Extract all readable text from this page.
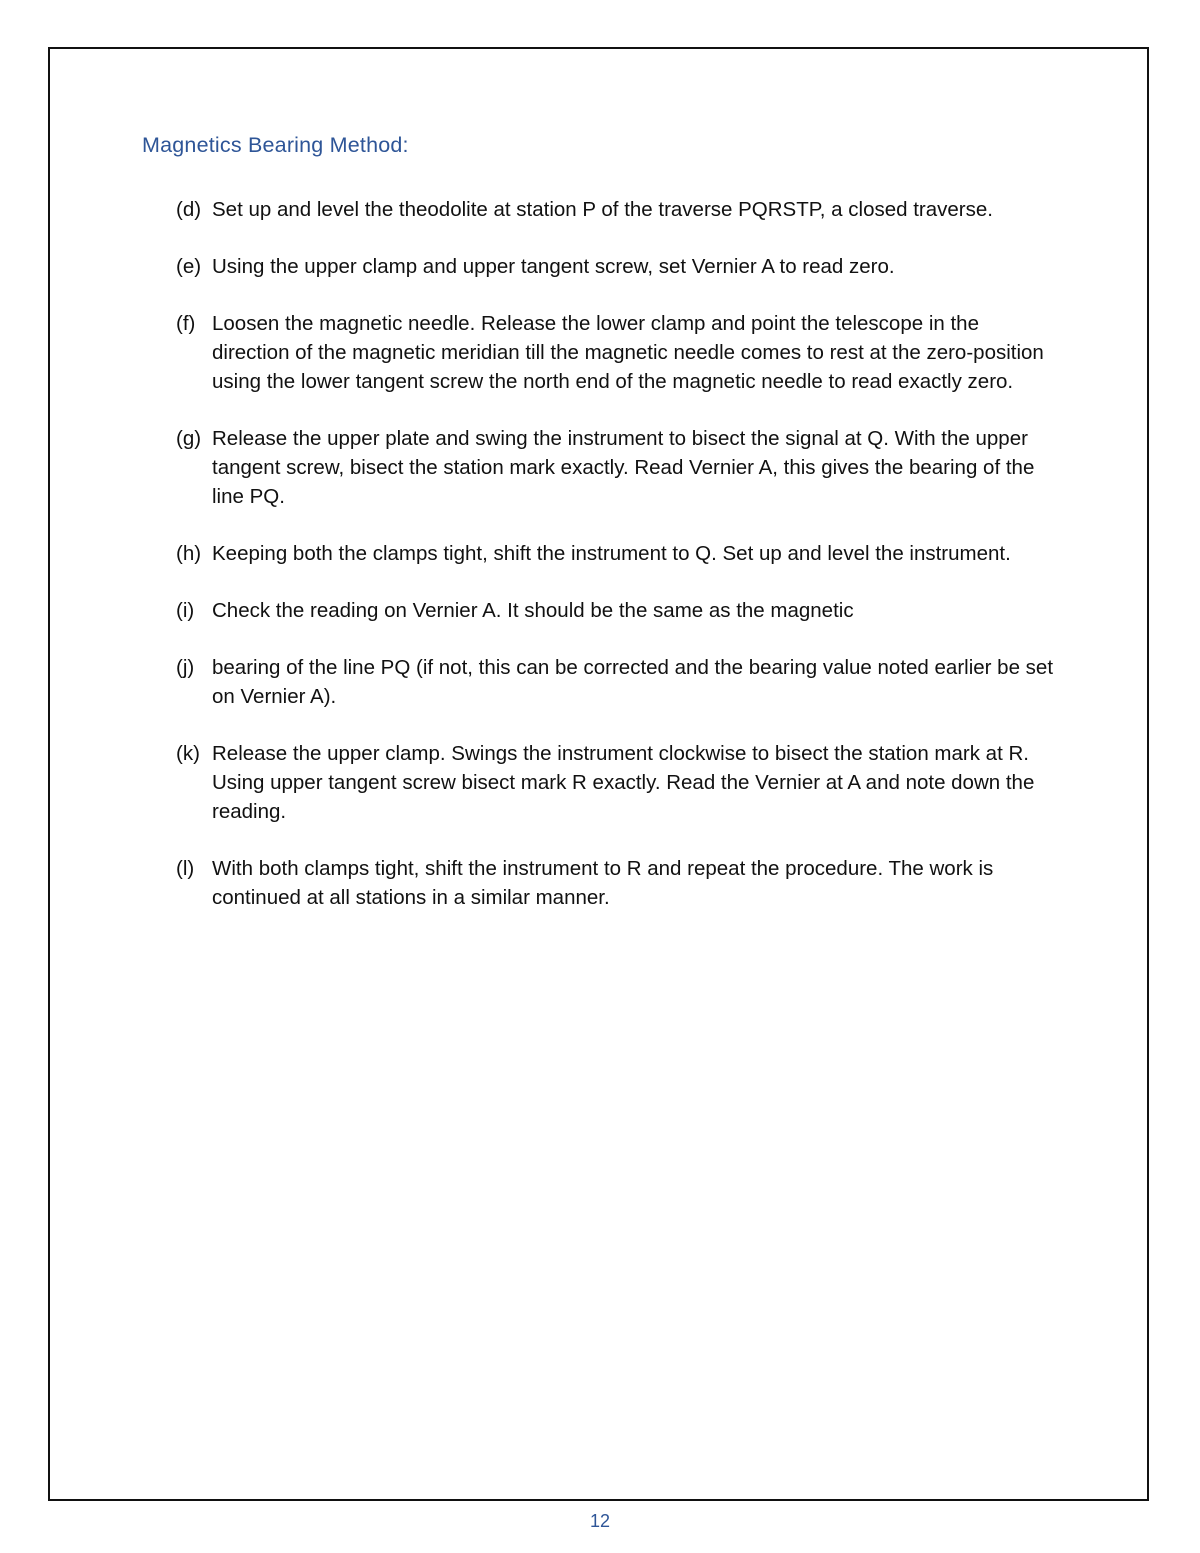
Magnetics Bearing Method:
(d) Set up and level the theodolite at station P of the traverse PQRSTP, a closed traverse.
(e) Using the upper clamp and upper tangent screw, set Vernier A to read zero.
(f) Loosen the magnetic needle. Release the lower clamp and point the telescope in the direction of the magnetic meridian till the magnetic needle comes to rest at the zero-position using the lower tangent screw the north end of the magnetic needle to read exactly zero.
(g) Release the upper plate and swing the instrument to bisect the signal at Q. With the upper tangent screw, bisect the station mark exactly. Read Vernier A, this gives the bearing of the line PQ.
(h) Keeping both the clamps tight, shift the instrument to Q. Set up and level the instrument.
(i) Check the reading on Vernier A. It should be the same as the magnetic
(j) bearing of the line PQ (if not, this can be corrected and the bearing value noted earlier be set on Vernier A).
(k) Release the upper clamp. Swings the instrument clockwise to bisect the station mark at R. Using upper tangent screw bisect mark R exactly. Read the Vernier at A and note down the reading.
(l) With both clamps tight, shift the instrument to R and repeat the procedure. The work is continued at all stations in a similar manner.
12
